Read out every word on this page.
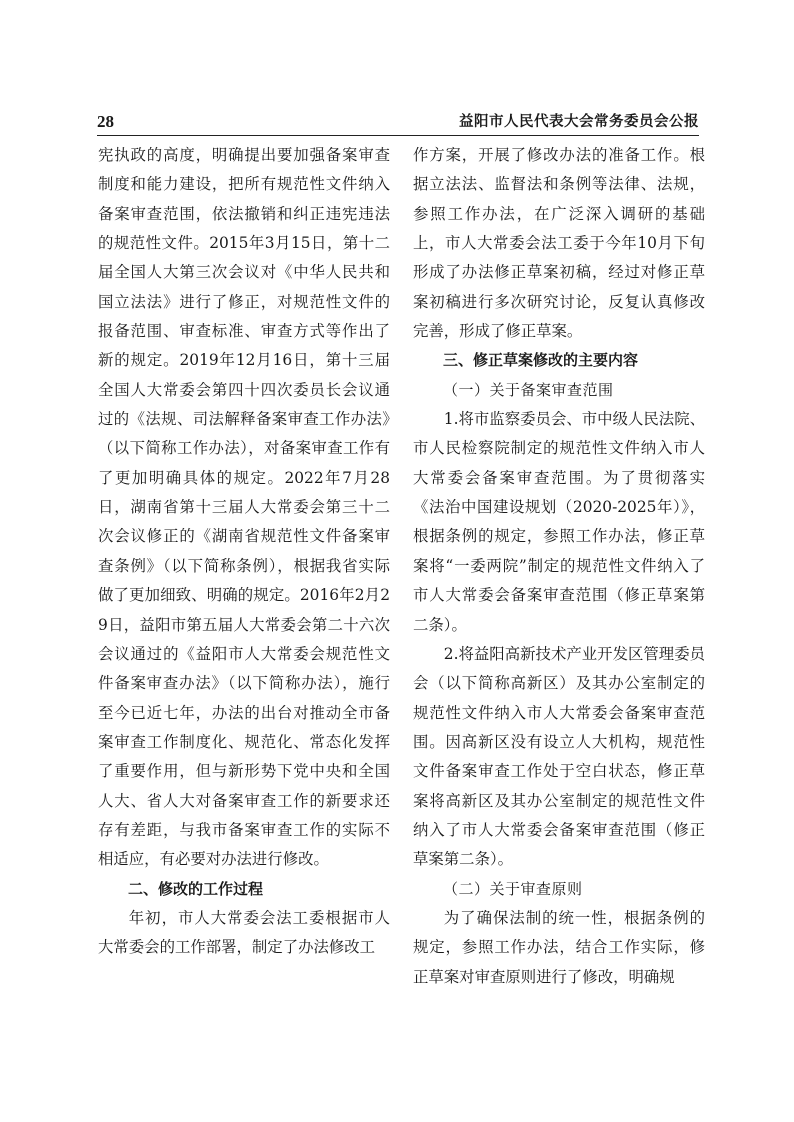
28	益阳市人民代表大会常务委员会公报

宪执政的高度，明确提出要加强备案审查制度和能力建设，把所有规范性文件纳入备案审查范围，依法撤销和纠正违宪违法的规范性文件。2015年3月15日，第十二届全国人大第三次会议对《中华人民共和国立法法》进行了修正，对规范性文件的报备范围、审查标准、审查方式等作出了新的规定。2019年12月16日，第十三届全国人大常委会第四十四次委员长会议通过的《法规、司法解释备案审查工作办法》（以下简称工作办法），对备案审查工作有了更加明确具体的规定。2022年7月28日，湖南省第十三届人大常委会第三十二次会议修正的《湖南省规范性文件备案审查条例》（以下简称条例），根据我省实际做了更加细致、明确的规定。2016年2月29日，益阳市第五届人大常委会第二十六次会议通过的《益阳市人大常委会规范性文件备案审查办法》（以下简称办法），施行至今已近七年，办法的出台对推动全市备案审查工作制度化、规范化、常态化发挥了重要作用，但与新形势下党中央和全国人大、省人大对备案审查工作的新要求还存有差距，与我市备案审查工作的实际不相适应，有必要对办法进行修改。

二、修改的工作过程

年初，市人大常委会法工委根据市人大常委会的工作部署，制定了办法修改工

作方案，开展了修改办法的准备工作。根据立法法、监督法和条例等法律、法规，参照工作办法，在广泛深入调研的基础上，市人大常委会法工委于今年10月下旬形成了办法修正草案初稿，经过对修正草案初稿进行多次研究讨论，反复认真修改完善，形成了修正草案。

三、修正草案修改的主要内容

（一）关于备案审查范围

1.将市监察委员会、市中级人民法院、市人民检察院制定的规范性文件纳入市人大常委会备案审查范围。为了贯彻落实《法治中国建设规划（2020-2025年）》，根据条例的规定，参照工作办法，修正草案将“一委两院”制定的规范性文件纳入了市人大常委会备案审查范围（修正草案第二条）。

2.将益阳高新技术产业开发区管理委员会（以下简称高新区）及其办公室制定的规范性文件纳入市人大常委会备案审查范围。因高新区没有设立人大机构，规范性文件备案审查工作处于空白状态，修正草案将高新区及其办公室制定的规范性文件纳入了市人大常委会备案审查范围（修正草案第二条）。

（二）关于审查原则

为了确保法制的统一性，根据条例的规定，参照工作办法，结合工作实际，修正草案对审查原则进行了修改，明确规
